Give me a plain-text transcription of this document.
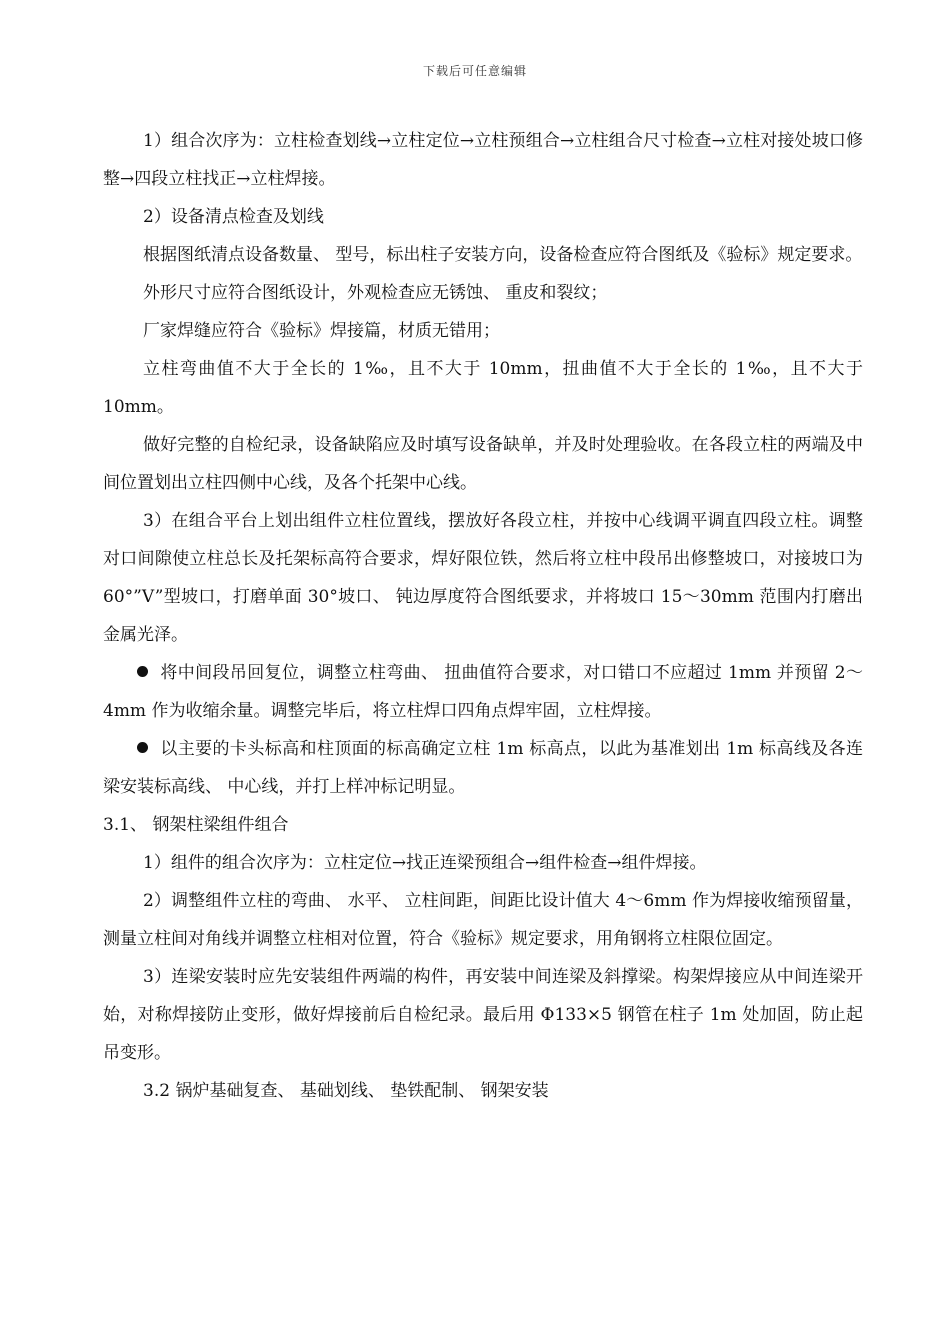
下载后可任意编辑

1）组合次序为：立柱检查划线→立柱定位→立柱预组合→立柱组合尺寸检查→立柱对接处坡口修整→四段立柱找正→立柱焊接。

2）设备清点检查及划线

根据图纸清点设备数量、 型号，标出柱子安装方向，设备检查应符合图纸及《验标》规定要求。

外形尺寸应符合图纸设计，外观检查应无锈蚀、 重皮和裂纹；

厂家焊缝应符合《验标》焊接篇，材质无错用；

立柱弯曲值不大于全长的 1‰，且不大于 10mm，扭曲值不大于全长的 1‰，且不大于 10mm。

做好完整的自检纪录，设备缺陷应及时填写设备缺单，并及时处理验收。在各段立柱的两端及中间位置划出立柱四侧中心线，及各个托架中心线。

3）在组合平台上划出组件立柱位置线，摆放好各段立柱，并按中心线调平调直四段立柱。调整对口间隙使立柱总长及托架标高符合要求，焊好限位铁，然后将立柱中段吊出修整坡口，对接坡口为 60°”V”型坡口，打磨单面 30°坡口、 钝边厚度符合图纸要求，并将坡口 15～30mm 范围内打磨出金属光泽。

将中间段吊回复位，调整立柱弯曲、 扭曲值符合要求，对口错口不应超过 1mm 并预留 2～4mm 作为收缩余量。调整完毕后，将立柱焊口四角点焊牢固，立柱焊接。

以主要的卡头标高和柱顶面的标高确定立柱 1m 标高点，以此为基准划出 1m 标高线及各连梁安装标高线、 中心线，并打上样冲标记明显。

3.1、 钢架柱梁组件组合

1）组件的组合次序为：立柱定位→找正连梁预组合→组件检查→组件焊接。

2）调整组件立柱的弯曲、 水平、 立柱间距，间距比设计值大 4～6mm 作为焊接收缩预留量，测量立柱间对角线并调整立柱相对位置，符合《验标》规定要求，用角钢将立柱限位固定。

3）连梁安装时应先安装组件两端的构件，再安装中间连梁及斜撑梁。构架焊接应从中间连梁开始，对称焊接防止变形，做好焊接前后自检纪录。最后用 Φ133×5 钢管在柱子 1m 处加固，防止起吊变形。

3.2 锅炉基础复查、 基础划线、 垫铁配制、 钢架安装
